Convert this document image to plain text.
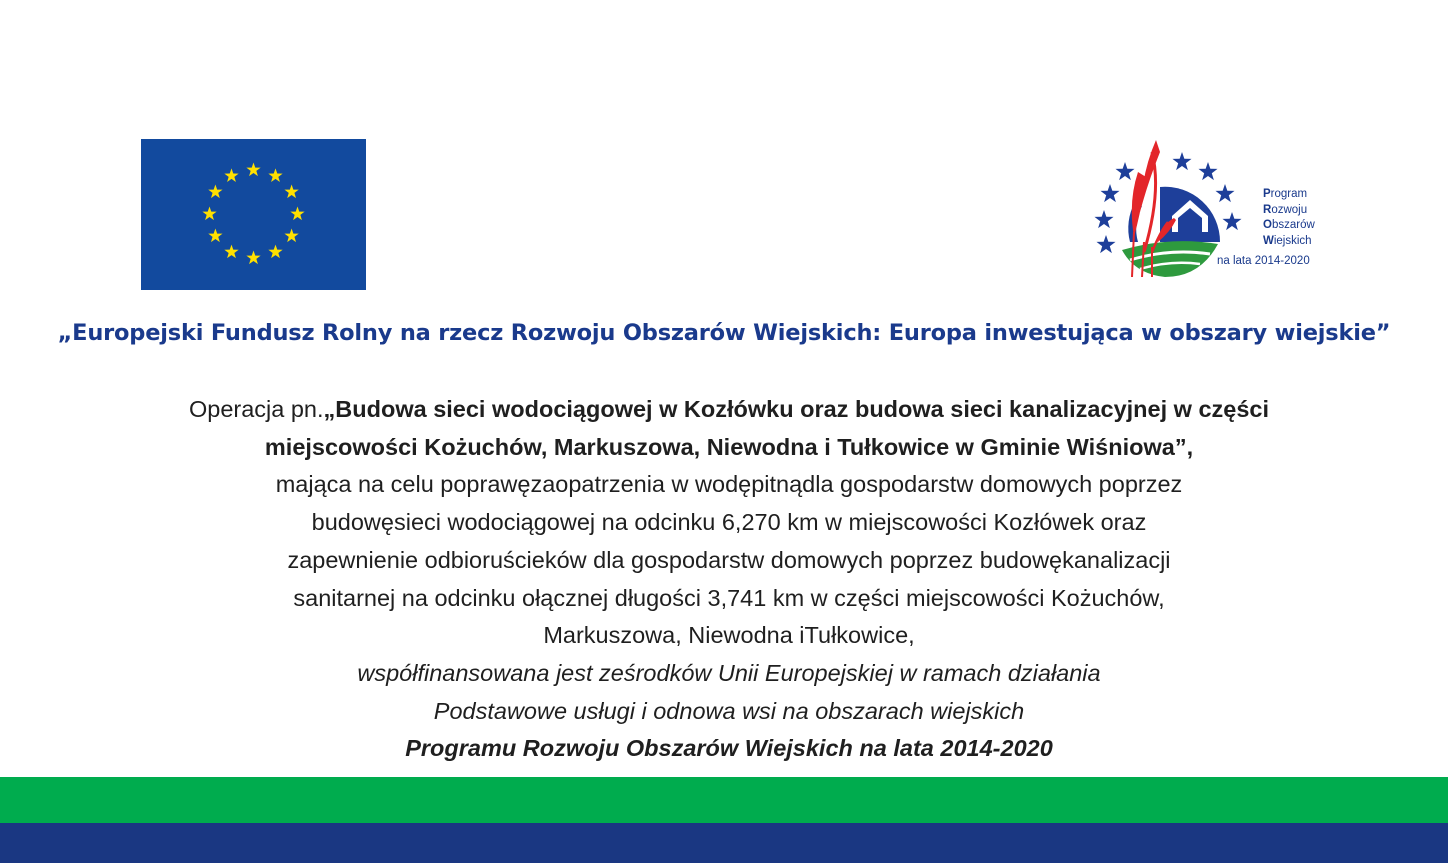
Program
Rozwoju
Obszarów
Wiejskich
na lata 2014-2020
„Europejski Fundusz Rolny na rzecz Rozwoju Obszarów Wiejskich: Europa inwestująca w obszary wiejskie”
Operacja pn.„Budowa sieci wodociągowej w Kozłówku oraz budowa sieci kanalizacyjnej w części
miejscowości Kożuchów, Markuszowa, Niewodna i Tułkowice w Gminie Wiśniowa”,
mająca na celu poprawęzaopatrzenia w wodępitnądla gospodarstw domowych poprzez
budowęsieci wodociągowej na odcinku 6,270 km w miejscowości Kozłówek oraz
zapewnienie odbioruścieków dla gospodarstw domowych poprzez budowękanalizacji
sanitarnej na odcinku ołącznej długości 3,741 km w części miejscowości Kożuchów,
Markuszowa, Niewodna iTułkowice,
współfinansowana jest ześrodków Unii Europejskiej w ramach działania
Podstawowe usługi i odnowa wsi na obszarach wiejskich
Programu Rozwoju Obszarów Wiejskich na lata 2014-2020
